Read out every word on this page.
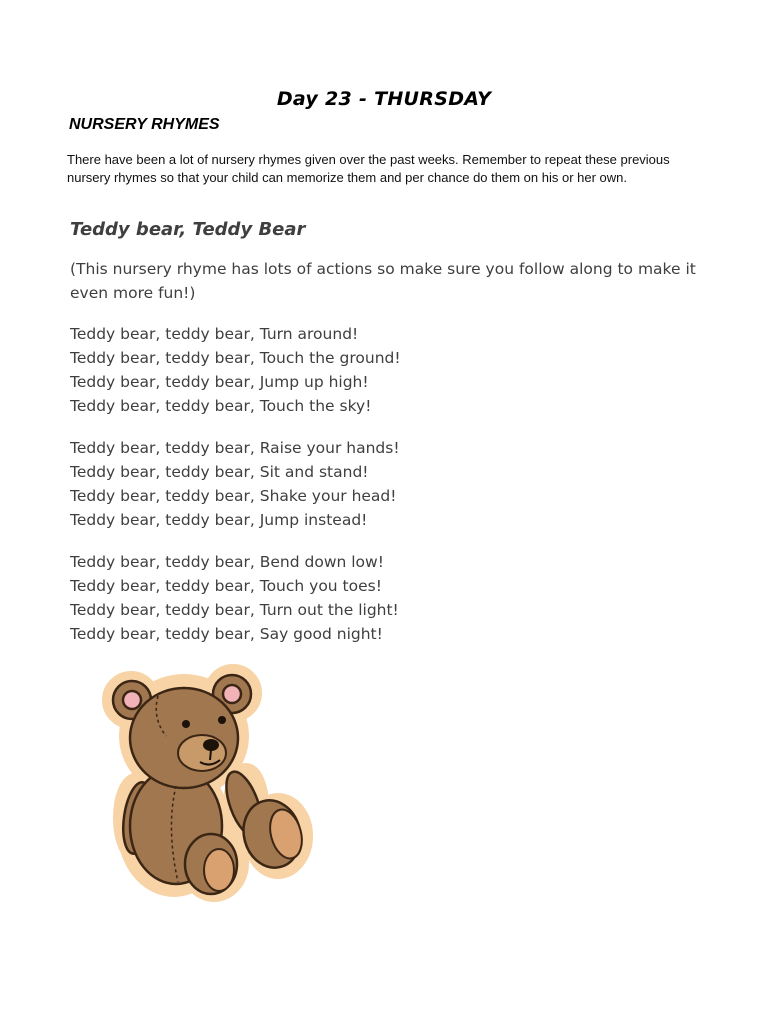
Day 23 - THURSDAY
NURSERY RHYMES
There have been a lot of nursery rhymes given over the past weeks. Remember to repeat these previous nursery rhymes so that your child can memorize them and per chance do them on his or her own.
Teddy bear, Teddy Bear
(This nursery rhyme has lots of actions so make sure you follow along to make it even more fun!)
Teddy bear, teddy bear, Turn around!
Teddy bear, teddy bear, Touch the ground!
Teddy bear, teddy bear, Jump up high!
Teddy bear, teddy bear, Touch the sky!
Teddy bear, teddy bear, Raise your hands!
Teddy bear, teddy bear, Sit and stand!
Teddy bear, teddy bear, Shake your head!
Teddy bear, teddy bear, Jump instead!
Teddy bear, teddy bear, Bend down low!
Teddy bear, teddy bear, Touch you toes!
Teddy bear, teddy bear, Turn out the light!
Teddy bear, teddy bear, Say good night!
